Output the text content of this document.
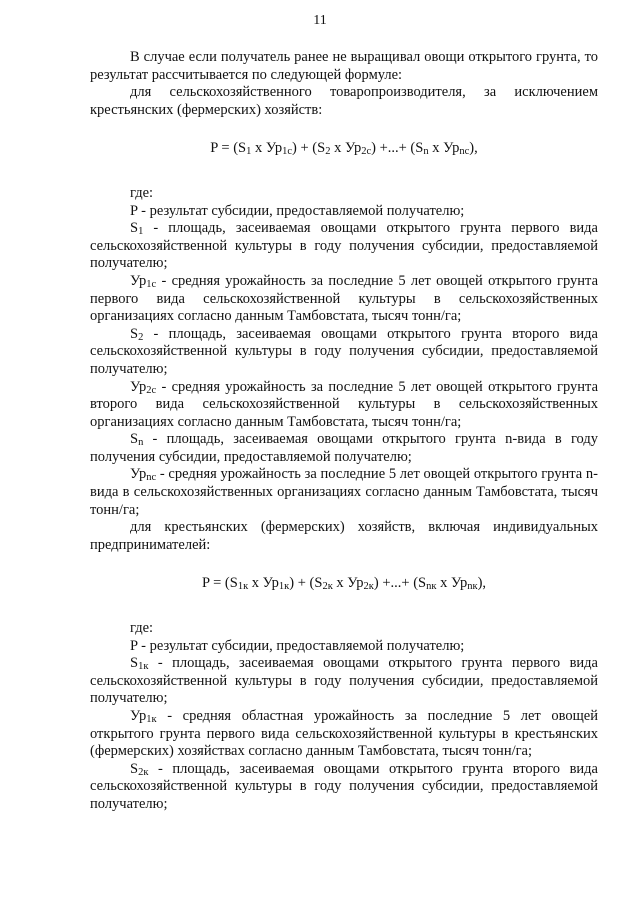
11

В случае если получатель ранее не выращивал овощи открытого грунта, то результат рассчитывается по следующей формуле:

для сельскохозяйственного товаропроизводителя, за исключением крестьянских (фермерских) хозяйств:

$P = (S_1$ х $Ур_{1с}) + (S_2$ х $Ур_{2с}$) +...+ ($S_n$ х $Ур_{nс}$),

где:

P - результат субсидии, предоставляемой получателю;

$S_1$ - площадь, засеиваемая овощами открытого грунта первого вида сельскохозяйственной культуры в году получения субсидии, предоставляемой получателю;

$Ур_{1с}$ - средняя урожайность за последние 5 лет овощей открытого грунта первого вида сельскохозяйственной культуры в сельскохозяйственных организациях согласно данным Тамбовстата, тысяч тонн/га;

$S_2$ - площадь, засеиваемая овощами открытого грунта второго вида сельскохозяйственной культуры в году получения субсидии, предоставляемой получателю;

$Ур_{2с}$ - средняя урожайность за последние 5 лет овощей открытого грунта второго вида сельскохозяйственной культуры в сельскохозяйственных организациях согласно данным Тамбовстата, тысяч тонн/га;

$S_n$ - площадь, засеиваемая овощами открытого грунта n-вида в году получения субсидии, предоставляемой получателю;

$Ур_{nс}$ - средняя урожайность за последние 5 лет овощей открытого грунта n-вида в сельскохозяйственных организациях согласно данным Тамбовстата, тысяч тонн/га;

для крестьянских (фермерских) хозяйств, включая индивидуальных предпринимателей:

$P = (S_{1к}$ х $Ур_{1к}) + (S_{2к}$ х $Ур_{2к}$) +...+ ($S_{nк}$ х $Ур_{nк}$),

где:

P - результат субсидии, предоставляемой получателю;

$S_{1к}$ - площадь, засеиваемая овощами открытого грунта первого вида сельскохозяйственной культуры в году получения субсидии, предоставляемой получателю;

$Ур_{1к}$ - средняя областная урожайность за последние 5 лет овощей открытого грунта первого вида сельскохозяйственной культуры в крестьянских (фермерских) хозяйствах согласно данным Тамбовстата, тысяч тонн/га;

$S_{2к}$ - площадь, засеиваемая овощами открытого грунта второго вида сельскохозяйственной культуры в году получения субсидии, предоставляемой получателю;
